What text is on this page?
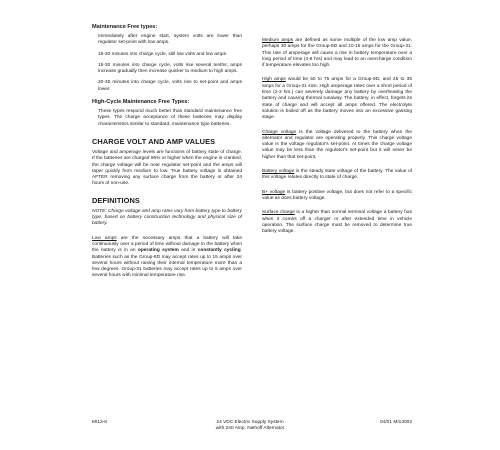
Maintenance Free types:
Immediately after engine start, system volts are lower than regulator set-point with low amps.
15-30 minutes into charge cycle, still low volts and low amps.
15-30 minutes into charge cycle, volts rise several tenths; amps increase gradually then increase quicker to medium to high amps.
20-35 minutes into charge cycle, volts rise to set-point and amps lower.
High-Cycle Maintenance Free Types:
These types respond much better than standard maintenance free types. The charge acceptance of these batteries may display characteristics similar to standard, maintenance type batteries.
CHARGE VOLT AND AMP VALUES
Voltage and amperage levels are functions of battery state of charge. If the batteries are charged 95% or higher when the engine is cranked, the charge voltage will be near regulator set-point and the amps will taper quickly from medium to low. True battery voltage is obtained AFTER removing any surface charge from the battery or after 24 hours of non-use.
DEFINITIONS
NOTE: Charge voltage and amp rates vary from battery type to battery type, based on battery construction technology and physical size of battery.
Low amps are the necessary amps that a battery will take continuously over a period of time without damage to the battery when the battery is in an operating system and in constantly cycling. Batteries such as the Group-8D may accept rates up to 15 amps over several hours without raising their internal temperature more than a few degrees. Group-31 batteries may accept rates up to 5 amps over several hours with minimal temperature rise.
Medium amps are defined as some multiple of the low amp value, perhaps 30 amps for the Group-8D and 10-15 amps for the Group-31. This rate of amperage will cause a rise in battery temperature over a long period of time (4-8 hrs) and may lead to an overcharge condition if temperature elevates too high.
High amps would be 50 to 75 amps for a Group-8D, and 25 to 35 amps for a Group-31 size. High amperage rates over a short period of time (2-3 hrs.) can severely damage any battery by overheating the battery and causing thermal runaway. The battery, in effect, forgets its state of charge and will accept all amps offered. The electrolyte solution is boiled off as the battery moves into an excessive gassing stage.
Charge voltage is the voltage delivered to the battery when the alternator and regulator are operating properly. This charge voltage value is the voltage regulator's set-point. At times the charge voltage value may be less than the regulator's set-point but it will never be higher than that set-point.
Battery voltage is the steady state voltage of the battery. The value of this voltage relates directly to state of charge.
B+ voltage is battery positive voltage, but does not refer to a specific value as does battery voltage.
Surface charge is a higher than normal terminal voltage a battery has when it comes off a charger or after extended time in vehicle operation. The surface charge must be removed to determine true battery voltage.
MI13-8	24 VDC Electric Supply System
with 240 Amp. Niehoff Alternator
04/01 MI13002
